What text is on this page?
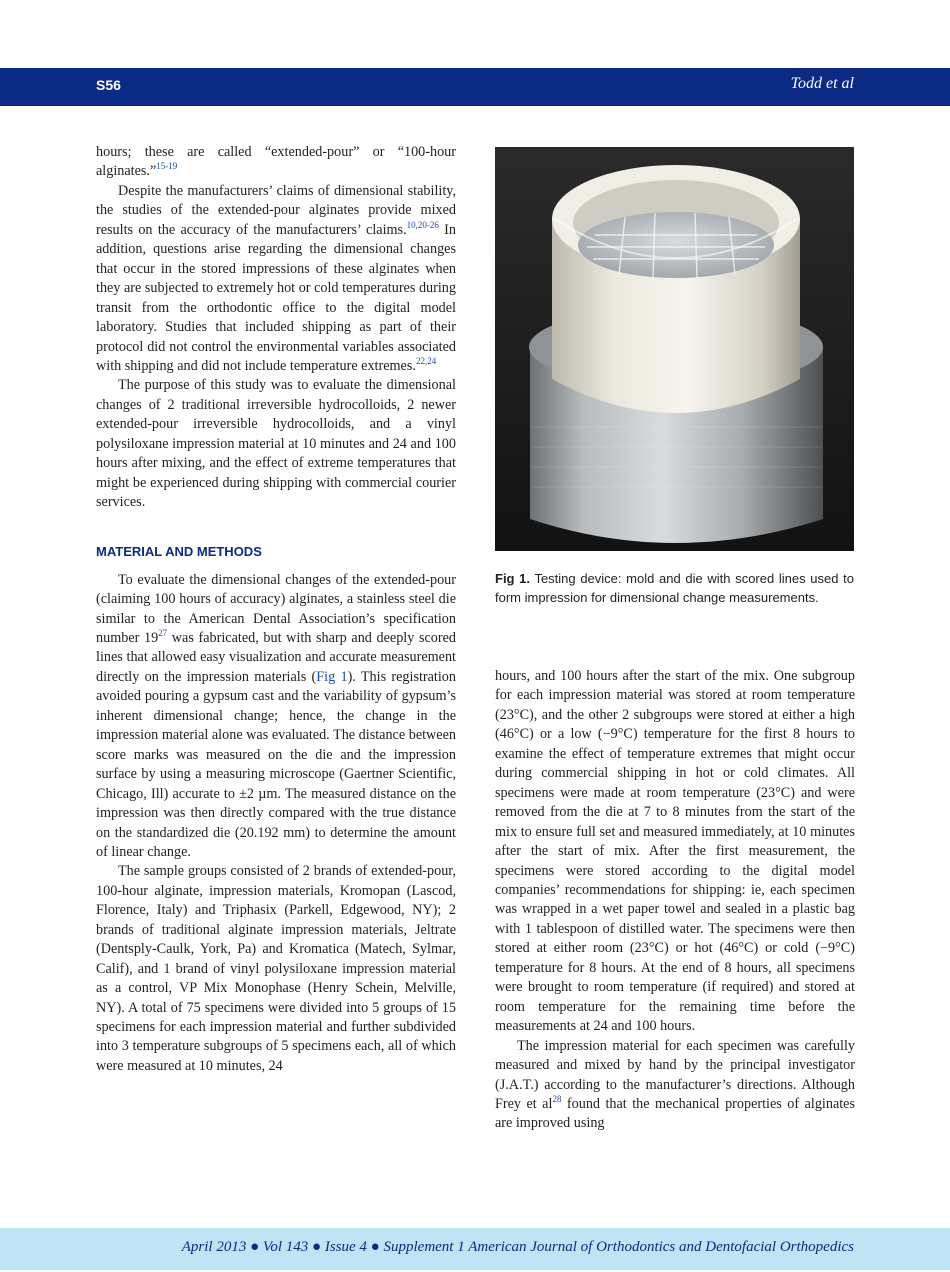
S56	Todd et al

hours; these are called “extended-pour” or “100-hour alginates.”$^{15-19}$

Despite the manufacturers’ claims of dimensional stability, the studies of the extended-pour alginates provide mixed results on the accuracy of the manufacturers’ claims.$^{10,20-26}$ In addition, questions arise regarding the dimensional changes that occur in the stored impressions of these alginates when they are subjected to extremely hot or cold temperatures during transit from the orthodontic office to the digital model laboratory. Studies that included shipping as part of their protocol did not control the environmental variables associated with shipping and did not include temperature extremes.$^{22,24}$

The purpose of this study was to evaluate the dimensional changes of 2 traditional irreversible hydrocolloids, 2 newer extended-pour irreversible hydrocolloids, and a vinyl polysiloxane impression material at 10 minutes and 24 and 100 hours after mixing, and the effect of extreme temperatures that might be experienced during shipping with commercial courier services.

MATERIAL AND METHODS

To evaluate the dimensional changes of the extended-pour (claiming 100 hours of accuracy) alginates, a stainless steel die similar to the American Dental Association’s specification number 19$^{27}$ was fabricated, but with sharp and deeply scored lines that allowed easy visualization and accurate measurement directly on the impression materials (Fig 1). This registration avoided pouring a gypsum cast and the variability of gypsum’s inherent dimensional change; hence, the change in the impression material alone was evaluated. The distance between score marks was measured on the die and the impression surface by using a measuring microscope (Gaertner Scientific, Chicago, Ill) accurate to ±2 µm. The measured distance on the impression was then directly compared with the true distance on the standardized die (20.192 mm) to determine the amount of linear change.

The sample groups consisted of 2 brands of extended-pour, 100-hour alginate, impression materials, Kromopan (Lascod, Florence, Italy) and Triphasix (Parkell, Edgewood, NY); 2 brands of traditional alginate impression materials, Jeltrate (Dentsply-Caulk, York, Pa) and Kromatica (Matech, Sylmar, Calif), and 1 brand of vinyl polysiloxane impression material as a control, VP Mix Monophase (Henry Schein, Melville, NY). A total of 75 specimens were divided into 5 groups of 15 specimens for each impression material and further subdivided into 3 temperature subgroups of 5 specimens each, all of which were measured at 10 minutes, 24

Fig 1. Testing device: mold and die with scored lines used to form impression for dimensional change measurements.

hours, and 100 hours after the start of the mix. One subgroup for each impression material was stored at room temperature (23°C), and the other 2 subgroups were stored at either a high (46°C) or a low (−9°C) temperature for the first 8 hours to examine the effect of temperature extremes that might occur during commercial shipping in hot or cold climates. All specimens were made at room temperature (23°C) and were removed from the die at 7 to 8 minutes from the start of the mix to ensure full set and measured immediately, at 10 minutes after the start of mix. After the first measurement, the specimens were stored according to the digital model companies’ recommendations for shipping: ie, each specimen was wrapped in a wet paper towel and sealed in a plastic bag with 1 tablespoon of distilled water. The specimens were then stored at either room (23°C) or hot (46°C) or cold (−9°C) temperature for 8 hours. At the end of 8 hours, all specimens were brought to room temperature (if required) and stored at room temperature for the remaining time before the measurements at 24 and 100 hours.

The impression material for each specimen was carefully measured and mixed by hand by the principal investigator (J.A.T.) according to the manufacturer’s directions. Although Frey et al$^{28}$ found that the mechanical properties of alginates are improved using

April 2013 ● Vol 143 ● Issue 4 ● Supplement 1 American Journal of Orthodontics and Dentofacial Orthopedics
